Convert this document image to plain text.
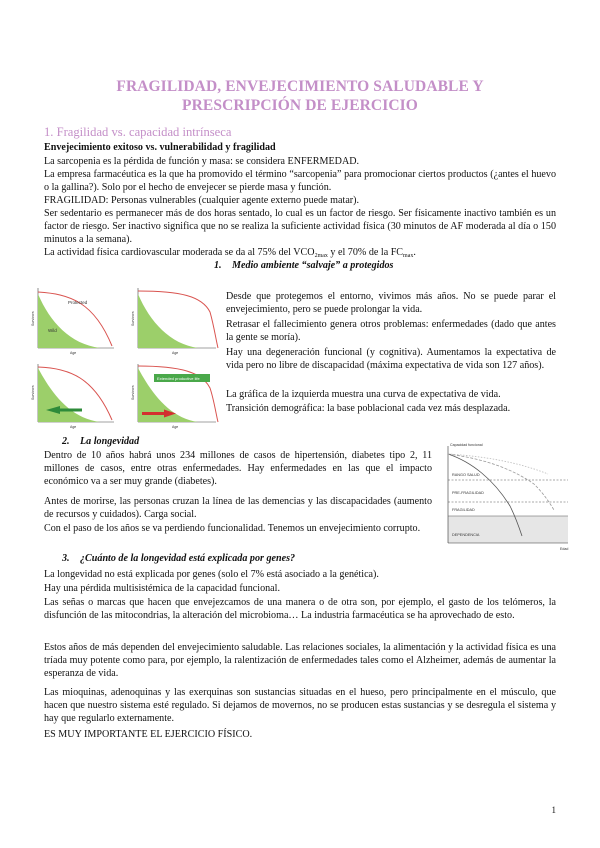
FRAGILIDAD, ENVEJECIMIENTO SALUDABLE Y
PRESCRIPCIÓN DE EJERCICIO
1. Fragilidad vs. capacidad intrínseca

Envejecimiento exitoso vs. vulnerabilidad y fragilidad

La sarcopenia es la pérdida de función y masa: se considera ENFERMEDAD.

La empresa farmacéutica es la que ha promovido el término “sarcopenia” para promocionar ciertos productos (¿antes el huevo o la gallina?). Solo por el hecho de envejecer se pierde masa y función.

FRAGILIDAD: Personas vulnerables (cualquier agente externo puede matar).

Ser sedentario es permanecer más de dos horas sentado, lo cual es un factor de riesgo. Ser físicamente inactivo también es un factor de riesgo. Ser inactivo significa que no se realiza la suficiente actividad física (30 minutos de AF moderada al día o 150 minutos a la semana).

La actividad física cardiovascular moderada se da al 75% del $VCO_{2max}$ y el 70% de la $FC_{max}$.

1. Medio ambiente “salvaje” a protegidos

Protected
Wild
Survivors
Age
Survivors
Age
Survivors
Age
Extended productive life
Survivors
Age

Desde que protegemos el entorno, vivimos más años. No se puede parar el envejecimiento, pero se puede prolongar la vida.

Retrasar el fallecimiento genera otros problemas: enfermedades (dado que antes la gente se moría).

Hay una degeneración funcional (y cognitiva). Aumentamos la expectativa de vida pero no libre de discapacidad (máxima expectativa de vida son 127 años).

La gráfica de la izquierda muestra una curva de expectativa de vida.

Transición demográfica: la base poblacional cada vez más desplazada.

2. La longevidad

Dentro de 10 años habrá unos 234 millones de casos de hipertensión, diabetes tipo 2, 11 millones de casos, entre otras enfermedades. Hay enfermedades en las que el impacto económico va a ser muy grande (diabetes).

Antes de morirse, las personas cruzan la línea de las demencias y las discapacidades (aumento de recursos y cuidados). Carga social.

Con el paso de los años se va perdiendo funcionalidad. Tenemos un envejecimiento corrupto.

Capacidad funcional
Edad
RANGO SALUD
PRE-FRAGILIDAD
FRAGILIDAD
DEPENDENCIA

3. ¿Cuánto de la longevidad está explicada por genes?

La longevidad no está explicada por genes (solo el 7% está asociado a la genética).

Hay una pérdida multisistémica de la capacidad funcional.

Las señas o marcas que hacen que envejezcamos de una manera o de otra son, por ejemplo, el gasto de los telómeros, la disfunción de las mitocondrias, la alteración del microbioma… La industria farmacéutica se ha aprovechado de esto.

Estos años de más dependen del envejecimiento saludable. Las relaciones sociales, la alimentación y la actividad física es una tríada muy potente como para, por ejemplo, la ralentización de enfermedades tales como el Alzheimer, además de aumentar la esperanza de vida.

Las mioquinas, adenoquinas y las exerquinas son sustancias situadas en el hueso, pero principalmente en el músculo, que hacen que nuestro sistema esté regulado. Si dejamos de movernos, no se producen estas sustancias y se desregula el sistema y hay que regularlo externamente.

ES MUY IMPORTANTE EL EJERCICIO FÍSICO.

1
